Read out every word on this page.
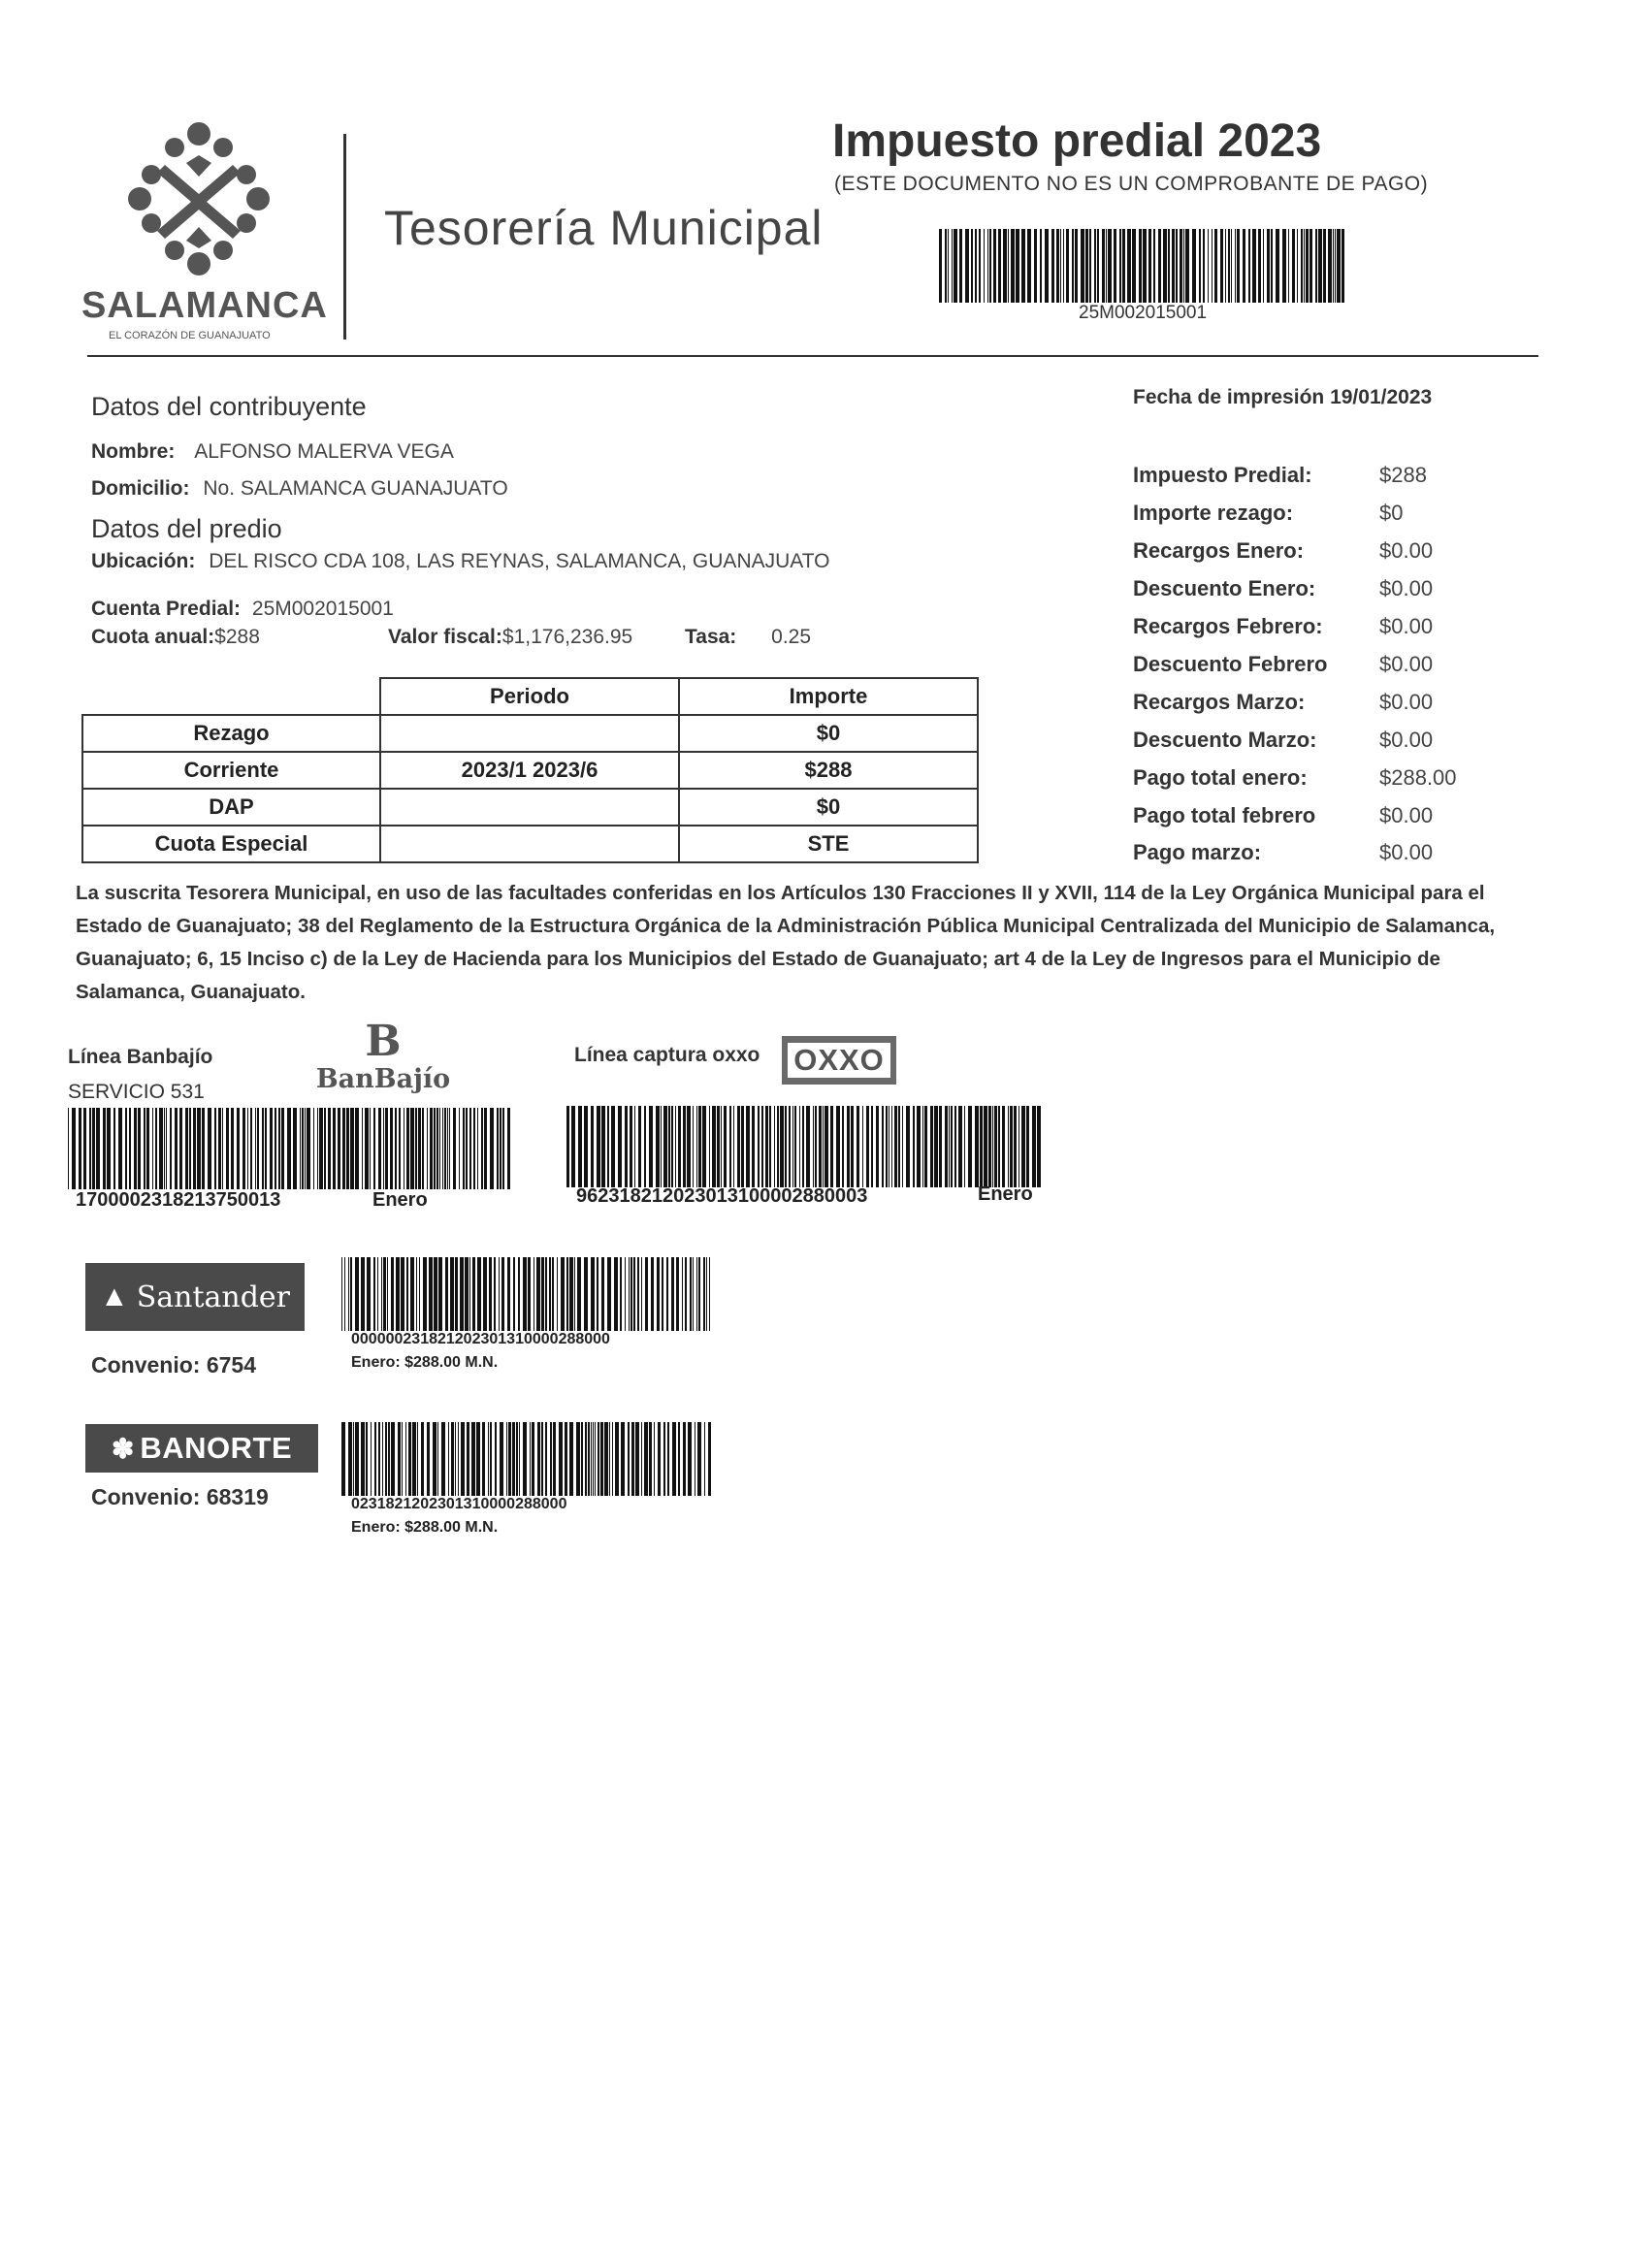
SALAMANCA
EL CORAZÓN DE GUANAJUATO
Tesorería Municipal
Impuesto predial 2023
(ESTE DOCUMENTO NO ES UN COMPROBANTE DE PAGO)
25M002015001
Fecha de impresión 19/01/2023
Datos del contribuyente
Nombre: ALFONSO MALERVA VEGA
Domicilio: No. SALAMANCA GUANAJUATO
Datos del predio
Ubicación: DEL RISCO CDA 108, LAS REYNAS, SALAMANCA, GUANAJUATO
Cuenta Predial: 25M002015001
Cuota anual:$288	Valor fiscal:$1,176,236.95	Tasa: 0.25
	Periodo	Importe
Rezago		$0
Corriente	2023/1 2023/6	$288
DAP		$0
Cuota Especial		STE
Impuesto Predial:	$288
Importe rezago:	$0
Recargos Enero:	$0.00
Descuento Enero:	$0.00
Recargos Febrero:	$0.00
Descuento Febrero $0.00
Recargos Marzo:	$0.00
Descuento Marzo:	$0.00
Pago total enero:	$288.00
Pago total febrero	$0.00
Pago marzo:	$0.00
La suscrita Tesorera Municipal, en uso de las facultades conferidas en los Artículos 130 Fracciones II y XVII, 114 de la Ley Orgánica Municipal para el Estado de Guanajuato; 38 del Reglamento de la Estructura Orgánica de la Administración Pública Municipal Centralizada del Municipio de Salamanca, Guanajuato; 6, 15 Inciso c) de la Ley de Hacienda para los Municipios del Estado de Guanajuato; art 4 de la Ley de Ingresos para el Municipio de Salamanca, Guanajuato.
Línea Banbajío
SERVICIO 531
B
BanBajío
1700002318213750013	Enero
Línea captura oxxo OXXO
962318212023013100002880003	Enero
▲ Santander
Convenio: 6754
000000231821202301310000288000
Enero: $288.00 M.N.
✽ BANORTE
Convenio: 68319	0231821202301310000288000
Enero: $288.00 M.N.
